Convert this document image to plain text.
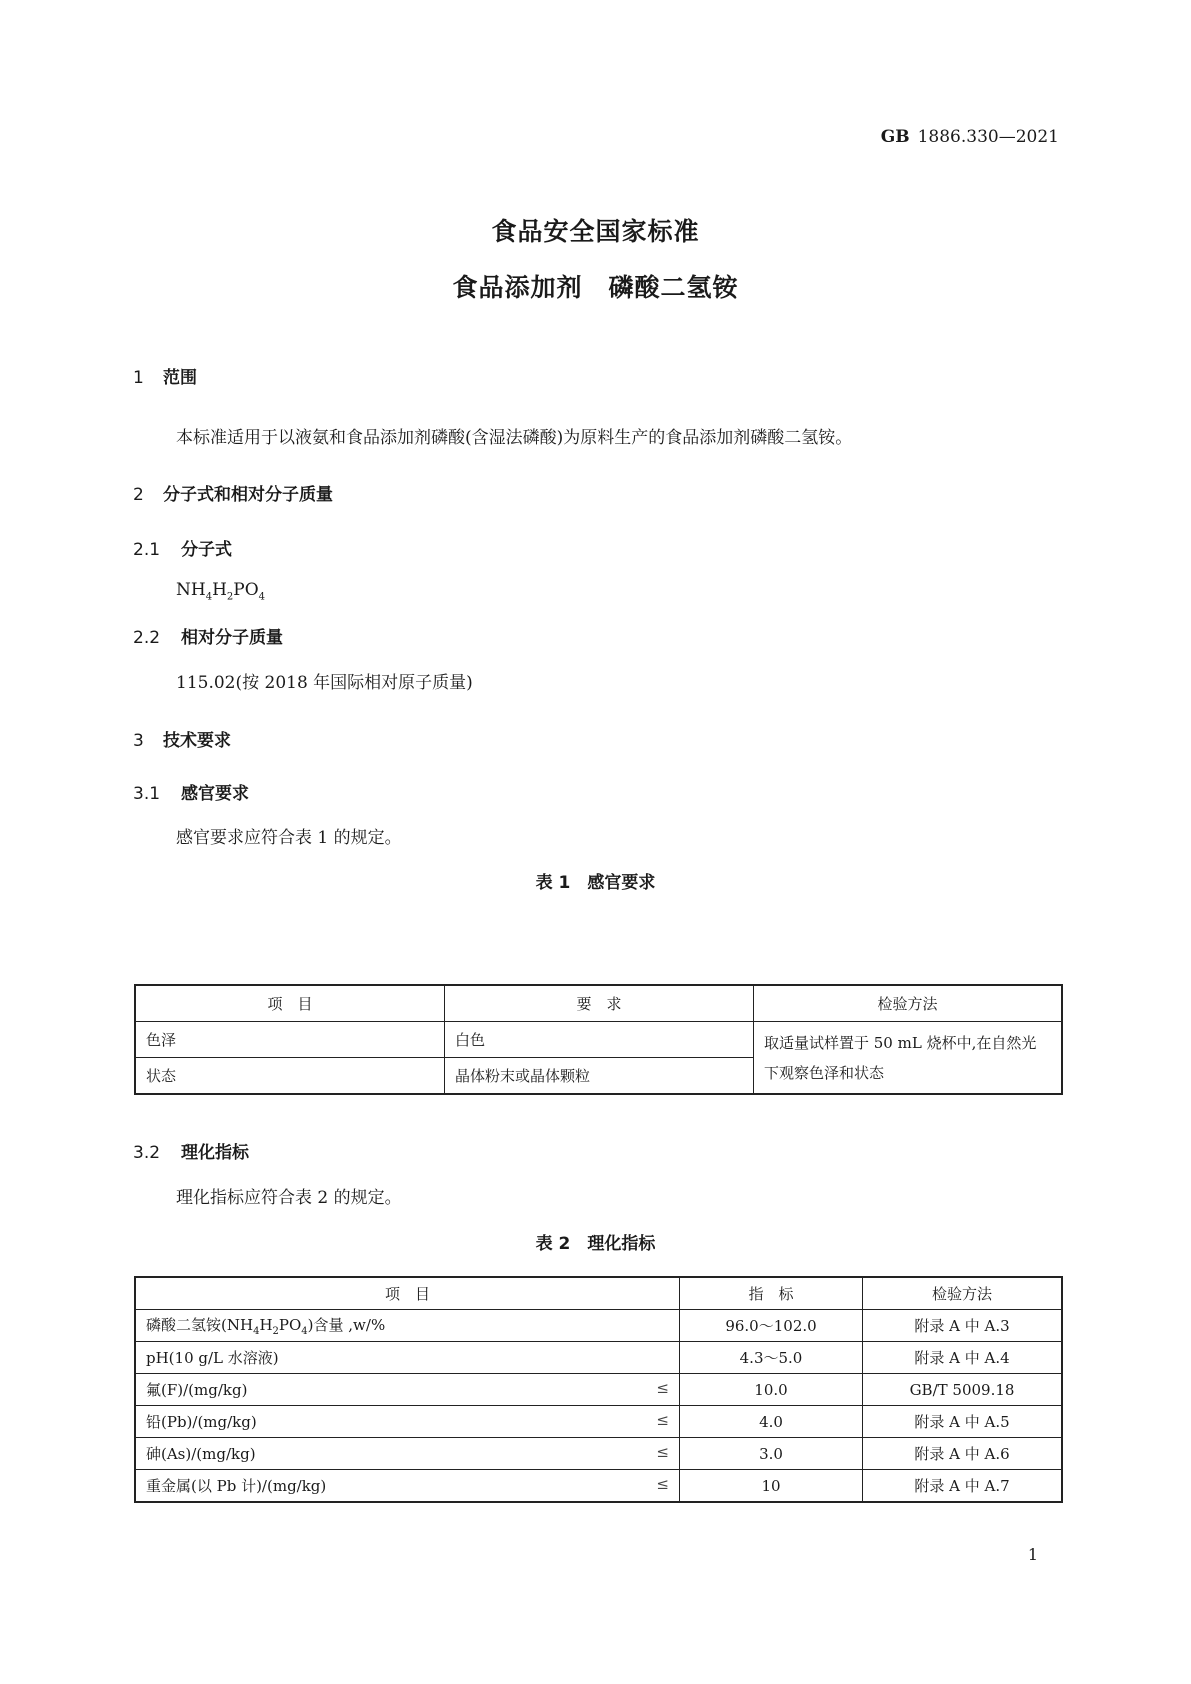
GB 1886.330—2021
食品安全国家标准
食品添加剂　磷酸二氢铵
1 范围
本标准适用于以液氨和食品添加剂磷酸(含湿法磷酸)为原料生产的食品添加剂磷酸二氢铵。
2 分子式和相对分子质量
2.1 分子式
$NH_4H_2PO_4$
2.2 相对分子质量
115.02(按 2018 年国际相对原子质量)
3 技术要求
3.1 感官要求
感官要求应符合表 1 的规定。
表 1　感官要求
项　目	要　求	检验方法
色泽	白色	取适量试样置于 50 mL 烧杯中,在自然光下观察色泽和状态
状态	晶体粉末或晶体颗粒	
3.2 理化指标
理化指标应符合表 2 的规定。
表 2　理化指标
项　目	指　标	检验方法
磷酸二氢铵$(NH_4H_2PO_4)$含量 ,w/%	96.0～102.0	附录 A 中 A.3
pH(10 g/L 水溶液)	4.3～5.0	附录 A 中 A.4
氟(F)/(mg/kg) ≤	10.0	GB/T 5009.18
铅(Pb)/(mg/kg) ≤	4.0	附录 A 中 A.5
砷(As)/(mg/kg) ≤	3.0	附录 A 中 A.6
重金属(以 Pb 计)/(mg/kg) ≤	10	附录 A 中 A.7
1
